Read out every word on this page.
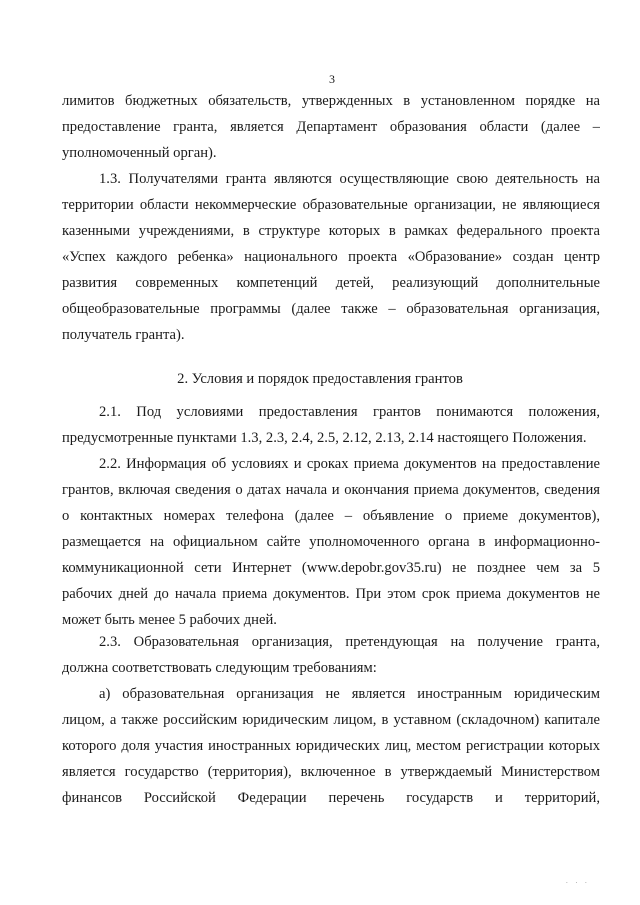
3
лимитов бюджетных обязательств, утвержденных в установленном порядке на
предоставление гранта, является Департамент образования области (далее –
уполномоченный орган).
1.3. Получателями гранта являются осуществляющие свою деятельность на
территории области некоммерческие образовательные организации, не являющиеся
казенными учреждениями, в структуре которых в рамках федерального проекта
«Успех каждого ребенка» национального проекта «Образование» создан центр
развития современных компетенций детей, реализующий дополнительные
общеобразовательные программы (далее также – образовательная организация,
получатель гранта).
2. Условия и порядок предоставления грантов
2.1. Под условиями предоставления грантов понимаются положения,
предусмотренные пунктами 1.3, 2.3, 2.4, 2.5, 2.12, 2.13, 2.14 настоящего Положения.
2.2. Информация об условиях и сроках приема документов на предоставление
грантов, включая сведения о датах начала и окончания приема документов, сведения
о контактных номерах телефона (далее – объявление о приеме документов),
размещается на официальном сайте уполномоченного органа в информационно-
коммуникационной сети Интернет (www.depobr.gov35.ru) не позднее чем за 5
рабочих дней до начала приема документов. При этом срок приема документов не
может быть менее 5 рабочих дней.
2.3. Образовательная организация, претендующая на получение гранта,
должна соответствовать следующим требованиям:
а) образовательная организация не является иностранным юридическим
лицом, а также российским юридическим лицом, в уставном (складочном) капитале
которого доля участия иностранных юридических лиц, местом регистрации которых
является государство (территория), включенное в утверждаемый Министерством
финансов Российской Федерации перечень государств и территорий,
. . .
